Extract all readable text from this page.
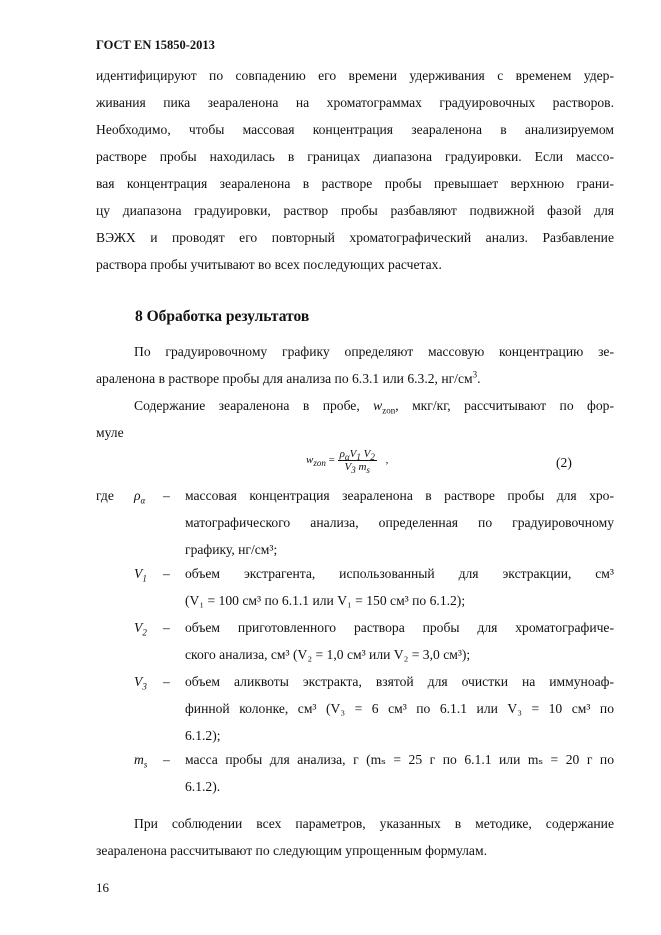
ГОСТ EN 15850-2013
идентифицируют по совпадению его времени удерживания с временем удер-
живания пика зеараленона на хроматограммах градуировочных растворов.
Необходимо, чтобы массовая концентрация зеараленона в анализируемом
растворе пробы находилась в границах диапазона градуировки. Если массо-
вая концентрация зеараленона в растворе пробы превышает верхнюю грани-
цу диапазона градуировки, раствор пробы разбавляют подвижной фазой для
ВЭЖХ и проводят его повторный хроматографический анализ. Разбавление
раствора пробы учитывают во всех последующих расчетах.
8 Обработка результатов
По градуировочному графику определяют массовую концентрацию зе-
араленона в растворе пробы для анализа по 6.3.1 или 6.3.2, $нг/см^3$.
Содержание зеараленона в пробе, $w_{zon}$, мкг/кг, рассчитывают по фор-
муле
$w_{zon} = \frac{\rho_\alpha V_1 V_2}{V_3 m_s}$ ,	(2)
где $\rho_\alpha$ – массовая концентрация зеараленона в растворе пробы для хро-
матографического анализа, определенная по градуировочному
графику, нг/см³;
$V_1$ – объем экстрагента, использованный для экстракции, см³
(V₁ = 100 см³ по 6.1.1 или V₁ = 150 см³ по 6.1.2);
$V_2$ – объем приготовленного раствора пробы для хроматографиче-
ского анализа, см³ (V₂ = 1,0 см³ или V₂ = 3,0 см³);
$V_3$ – объем аликвоты экстракта, взятой для очистки на иммуноаф-
финной колонке, см³ (V₃ = 6 см³ по 6.1.1 или V₃ = 10 см³ по
6.1.2);
$m_s$ – масса пробы для анализа, г (mₛ = 25 г по 6.1.1 или mₛ = 20 г по
6.1.2).
При соблюдении всех параметров, указанных в методике, содержание
зеараленона рассчитывают по следующим упрощенным формулам.
16
